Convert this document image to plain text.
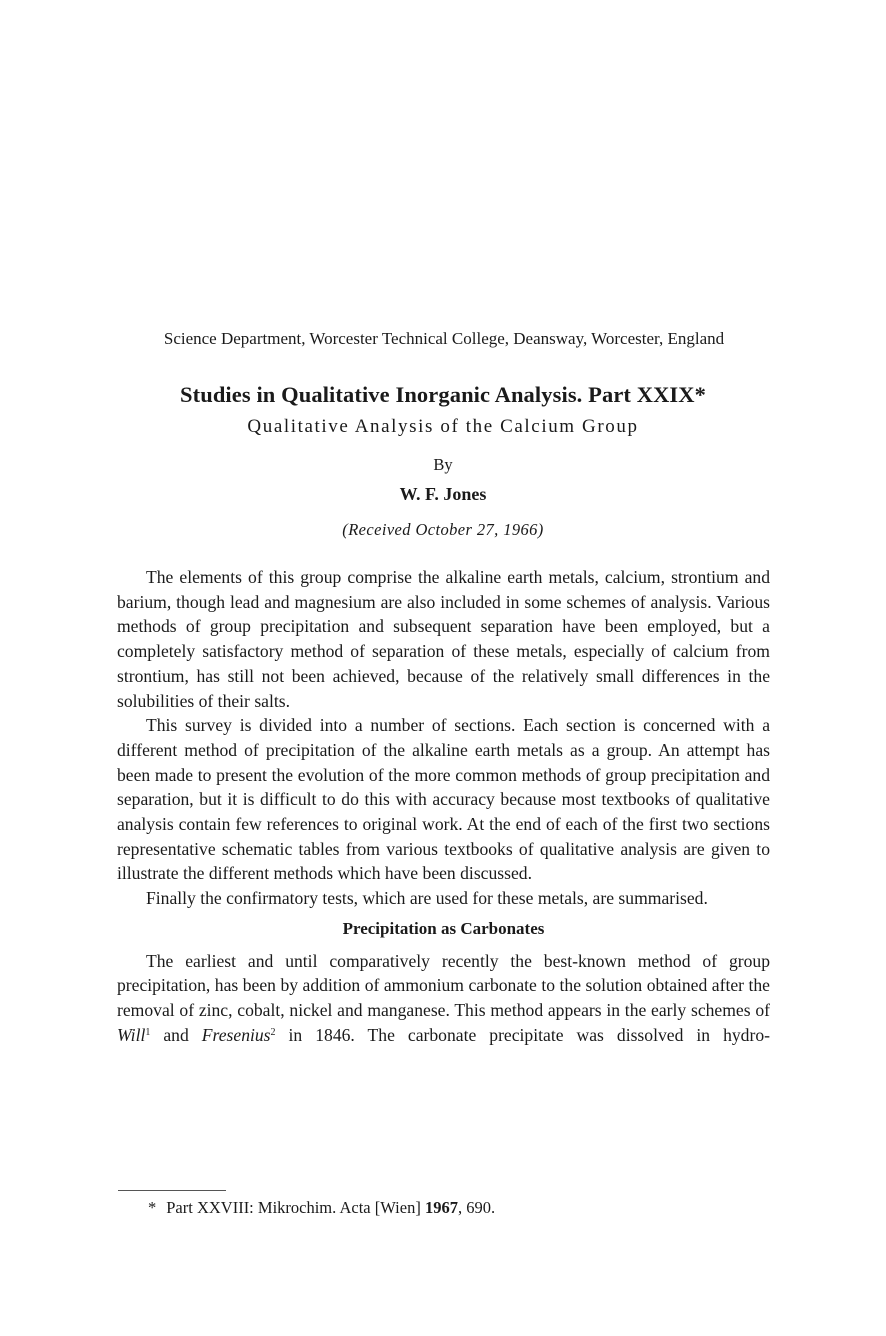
Science Department, Worcester Technical College, Deansway, Worcester, England
Studies in Qualitative Inorganic Analysis. Part XXIX*
Qualitative Analysis of the Calcium Group
By
W. F. Jones
(Received October 27, 1966)

The elements of this group comprise the alkaline earth metals, calcium, strontium and barium, though lead and magnesium are also included in some schemes of analysis. Various methods of group precipitation and subsequent separation have been employed, but a completely satisfactory method of separation of these metals, especially of calcium from strontium, has still not been achieved, because of the relatively small differences in the solubilities of their salts.

This survey is divided into a number of sections. Each section is concerned with a different method of precipitation of the alkaline earth metals as a group. An attempt has been made to present the evolution of the more common methods of group precipitation and separation, but it is difficult to do this with accuracy because most textbooks of qualitative analysis contain few references to original work. At the end of each of the first two sections representative schematic tables from various textbooks of qualitative analysis are given to illustrate the different methods which have been discussed.

Finally the confirmatory tests, which are used for these metals, are summarised.

Precipitation as Carbonates

The earliest and until comparatively recently the best-known method of group precipitation, has been by addition of ammonium carbonate to the solution obtained after the removal of zinc, cobalt, nickel and manganese. This method appears in the early schemes of Will$^1$ and Fresenius$^2$ in 1846. The carbonate precipitate was dissolved in hydro-

* Part XXVIII: Mikrochim. Acta [Wien] 1967, 690.
